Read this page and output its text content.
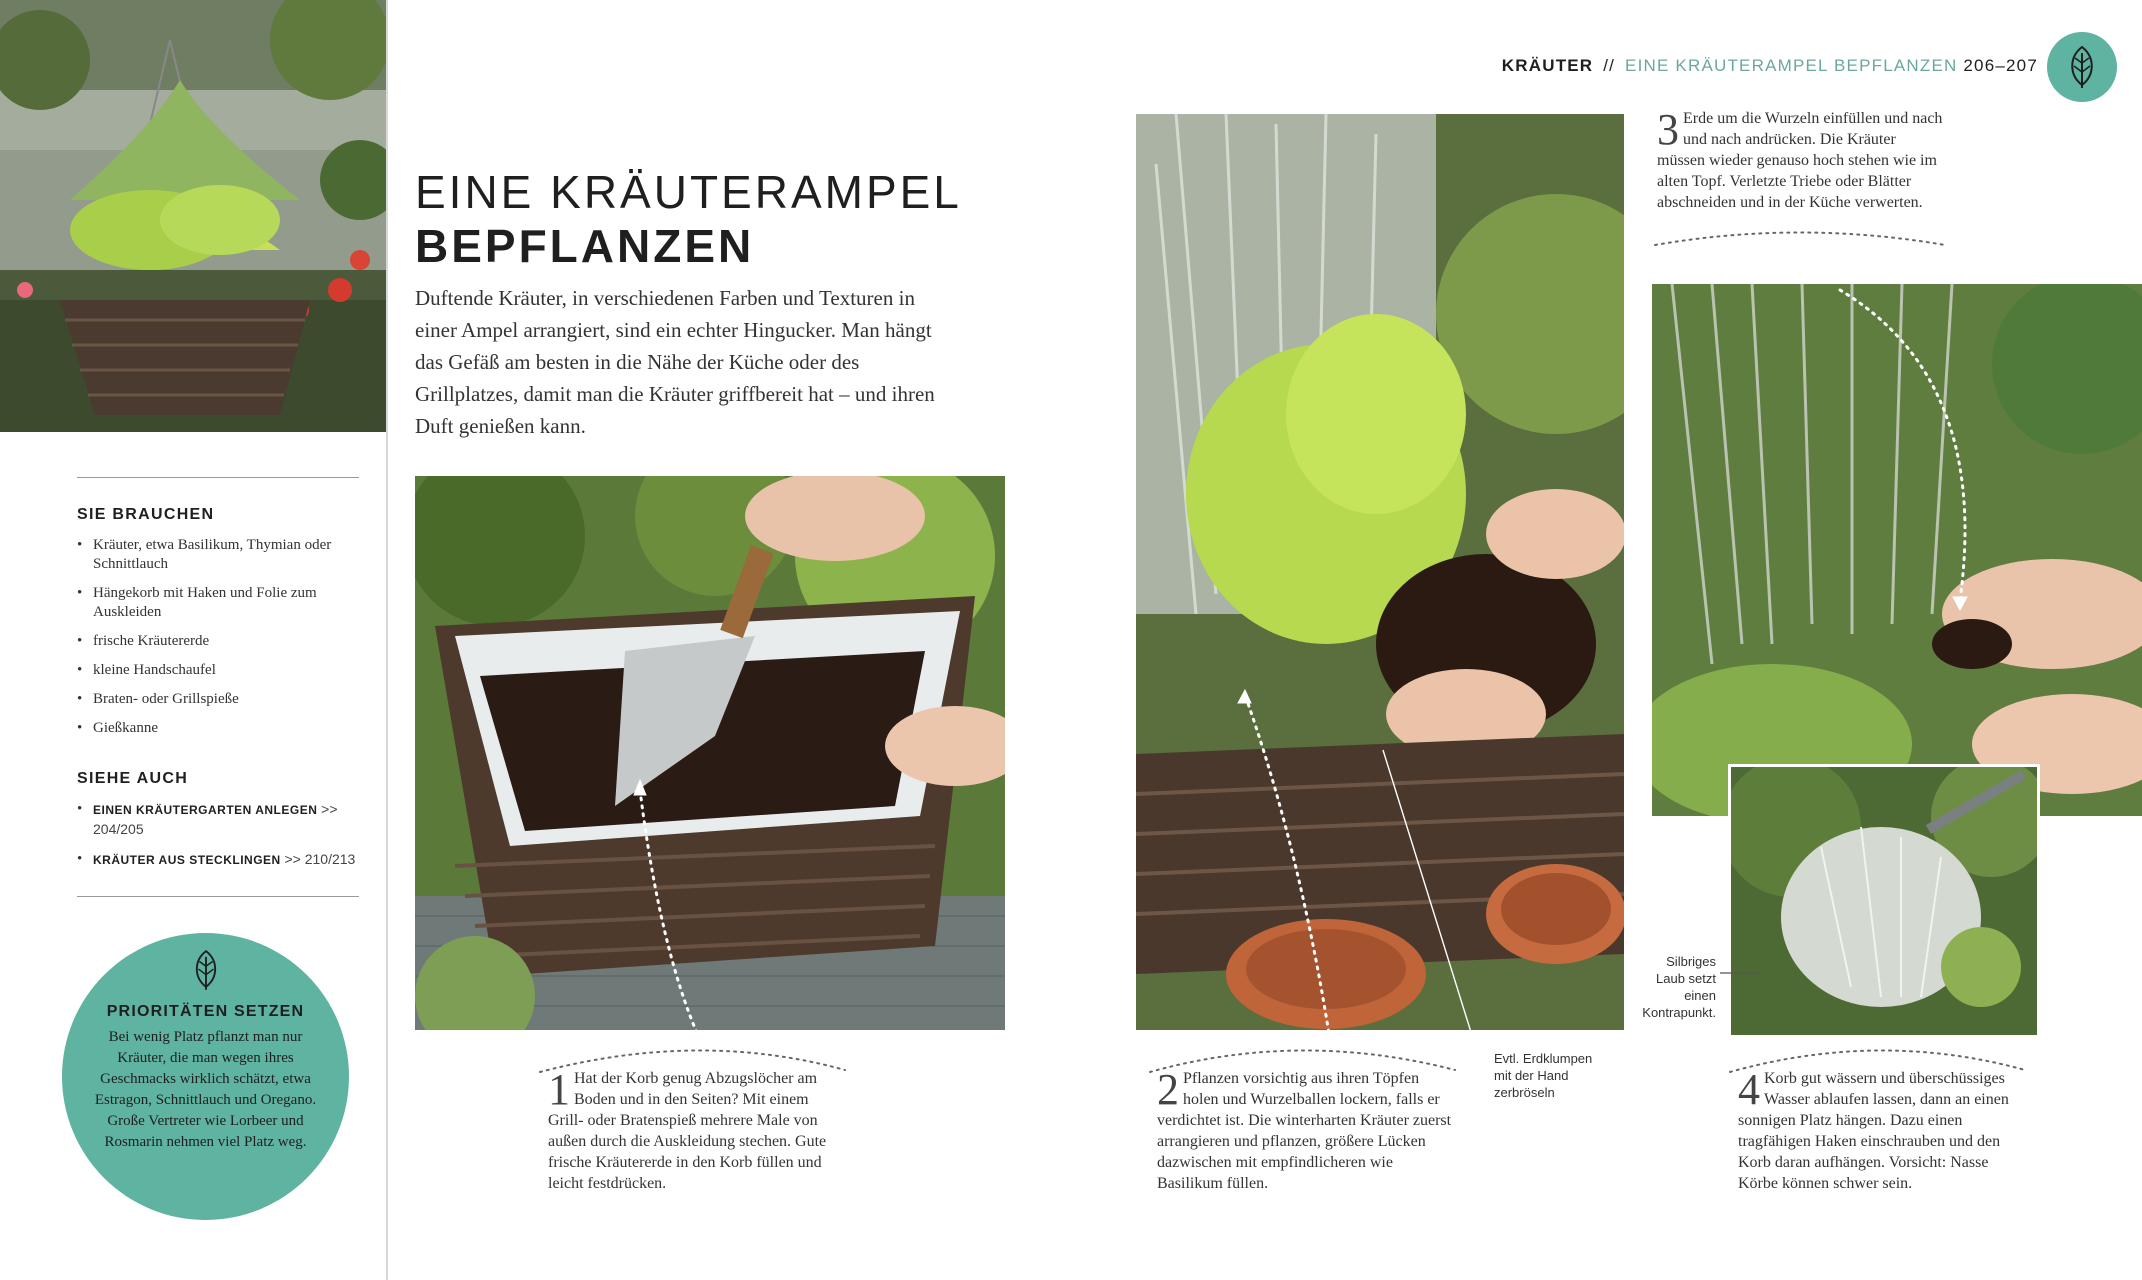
KRÄUTER // EINE KRÄUTERAMPEL BEPFLANZEN 206–207
EINE KRÄUTERAMPEL
BEPFLANZEN
Duftende Kräuter, in verschiedenen Farben und Texturen in einer Ampel arrangiert, sind ein echter Hingucker. Man hängt das Gefäß am besten in die Nähe der Küche oder des Grillplatzes, damit man die Kräuter griffbereit hat – und ihren Duft genießen kann.
SIE BRAUCHEN
• Kräuter, etwa Basilikum, Thymian oder Schnittlauch
• Hängekorb mit Haken und Folie zum Auskleiden
• frische Kräutererde
• kleine Handschaufel
• Braten- oder Grillspieße
• Gießkanne
SIEHE AUCH
• EINEN KRÄUTERGARTEN ANLEGEN >> 204/205
• KRÄUTER AUS STECKLINGEN >> 210/213
PRIORITÄTEN SETZEN
Bei wenig Platz pflanzt man nur Kräuter, die man wegen ihres Geschmacks wirklich schätzt, etwa Estragon, Schnittlauch und Oregano. Große Vertreter wie Lorbeer und Rosmarin nehmen viel Platz weg.
1 Hat der Korb genug Abzugslöcher am Boden und in den Seiten? Mit einem Grill- oder Bratenspieß mehrere Male von außen durch die Auskleidung stechen. Gute frische Kräutererde in den Korb füllen und leicht festdrücken.
2 Pflanzen vorsichtig aus ihren Töpfen holen und Wurzelballen lockern, falls er verdichtet ist. Die winterharten Kräuter zuerst arrangieren und pflanzen, größere Lücken dazwischen mit empfindlicheren wie Basilikum füllen.
3 Erde um die Wurzeln einfüllen und nach und nach andrücken. Die Kräuter müssen wieder genauso hoch stehen wie im alten Topf. Verletzte Triebe oder Blätter abschneiden und in der Küche verwerten.
4 Korb gut wässern und überschüssiges Wasser ablaufen lassen, dann an einen sonnigen Platz hängen. Dazu einen tragfähigen Haken einschrauben und den Korb daran aufhängen. Vorsicht: Nasse Körbe können schwer sein.
Evtl. Erdklumpen mit der Hand zerbröseln
Silbriges Laub setzt einen Kontrapunkt.
